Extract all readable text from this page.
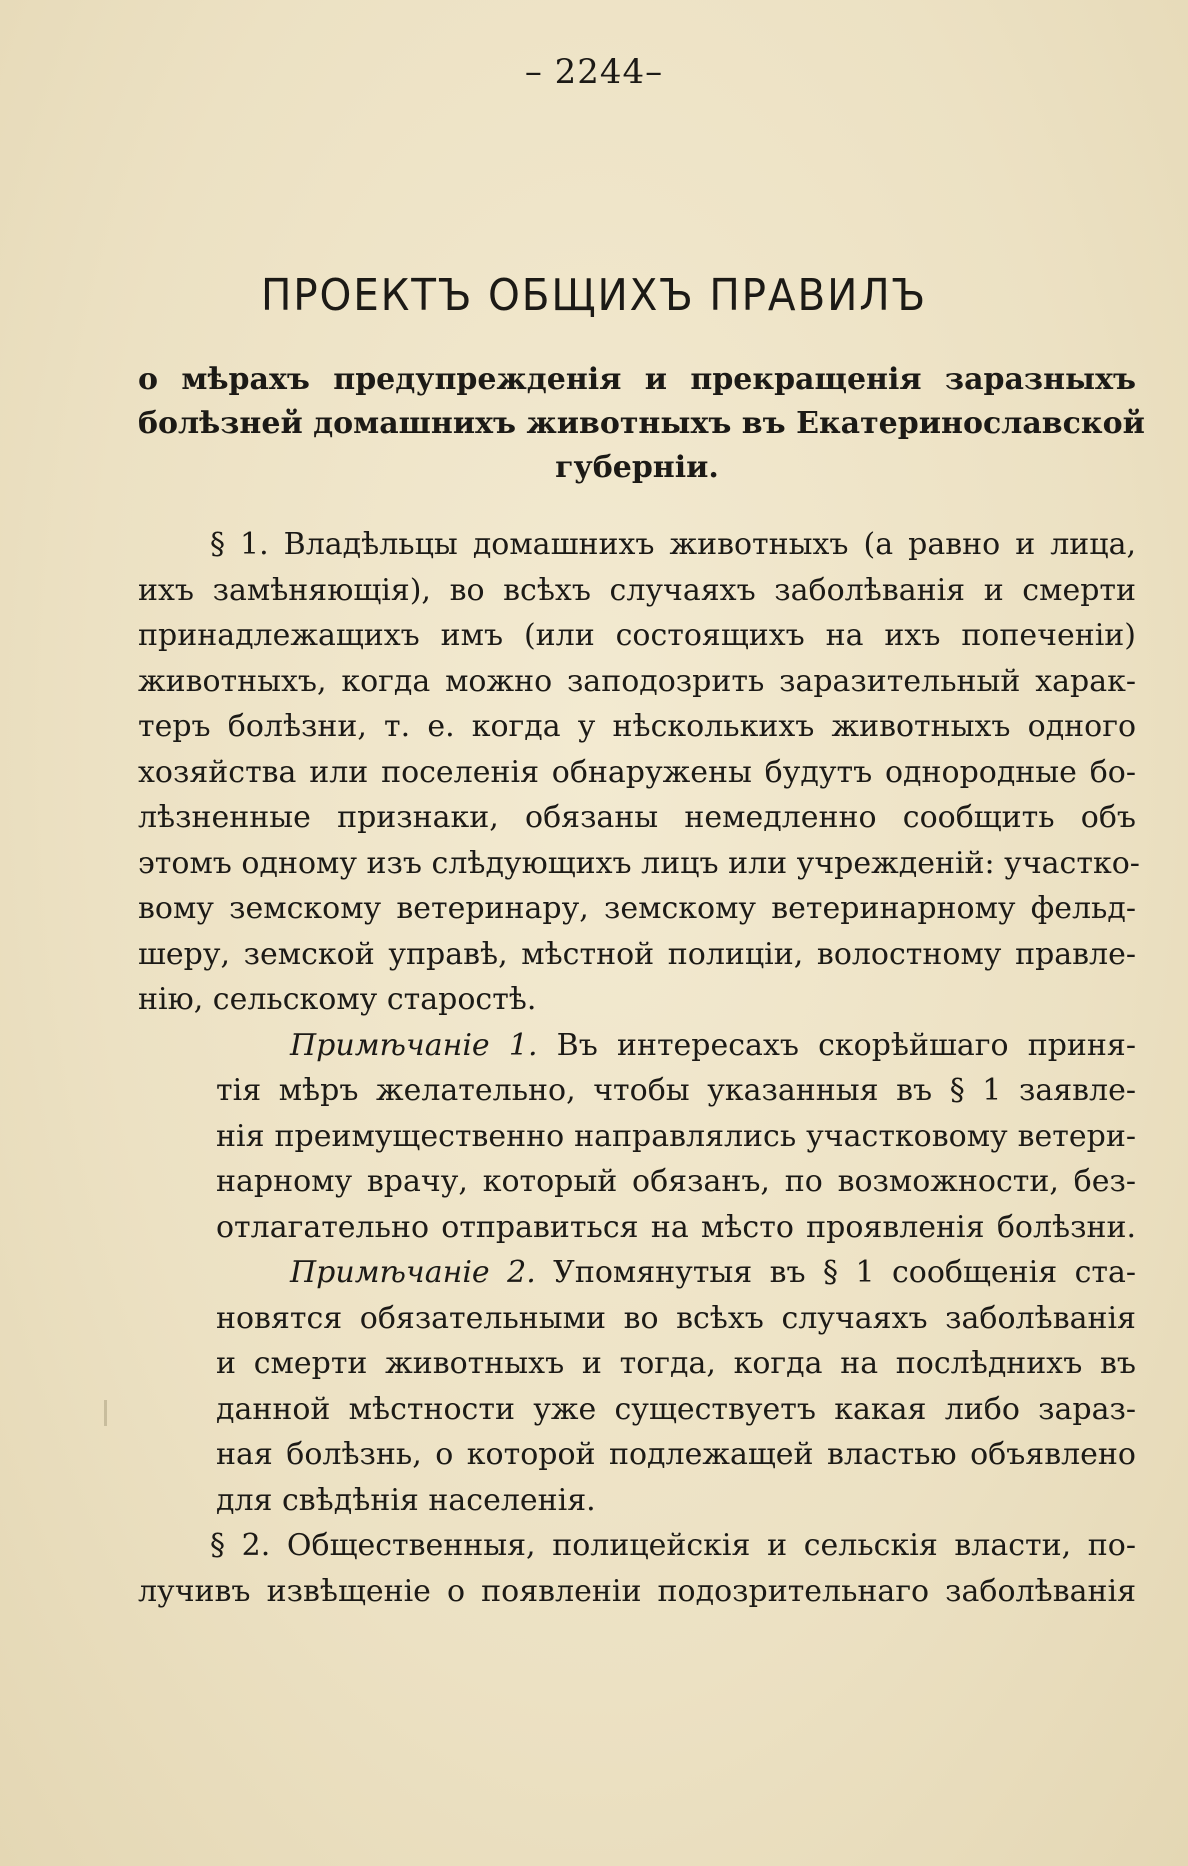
– 2244–
ПРОЕКТЪ ОБЩИХЪ ПРАВИЛЪ
о мѣрахъ предупрежденія и прекращенія заразныхъ
болѣзней домашнихъ животныхъ въ Екатеринославской
губерніи.
§ 1. Владѣльцы домашнихъ животныхъ (а равно и лица,
ихъ замѣняющія), во всѣхъ случаяхъ заболѣванія и смерти
принадлежащихъ имъ (или состоящихъ на ихъ попеченіи)
животныхъ, когда можно заподозрить заразительный харак-
теръ болѣзни, т. е. когда у нѣсколькихъ животныхъ одного
хозяйства или поселенія обнаружены будутъ однородные бо-
лѣзненные признаки, обязаны немедленно сообщить объ
этомъ одному изъ слѣдующихъ лицъ или учрежденій: участко-
вому земскому ветеринару, земскому ветеринарному фельд-
шеру, земской управѣ, мѣстной полиціи, волостному правле-
нію, сельскому старостѣ.
Примѣчаніе 1. Въ интересахъ скорѣйшаго приня-
тія мѣръ желательно, чтобы указанныя въ § 1 заявле-
нія преимущественно направлялись участковому ветери-
нарному врачу, который обязанъ, по возможности, без-
отлагательно отправиться на мѣсто проявленія болѣзни.
Примѣчаніе 2. Упомянутыя въ § 1 сообщенія ста-
новятся обязательными во всѣхъ случаяхъ заболѣванія
и смерти животныхъ и тогда, когда на послѣднихъ въ
данной мѣстности уже существуетъ какая либо зараз-
ная болѣзнь, о которой подлежащей властью объявлено
для свѣдѣнія населенія.
§ 2. Общественныя, полицейскія и сельскія власти, по-
лучивъ извѣщеніе о появленіи подозрительнаго заболѣванія
